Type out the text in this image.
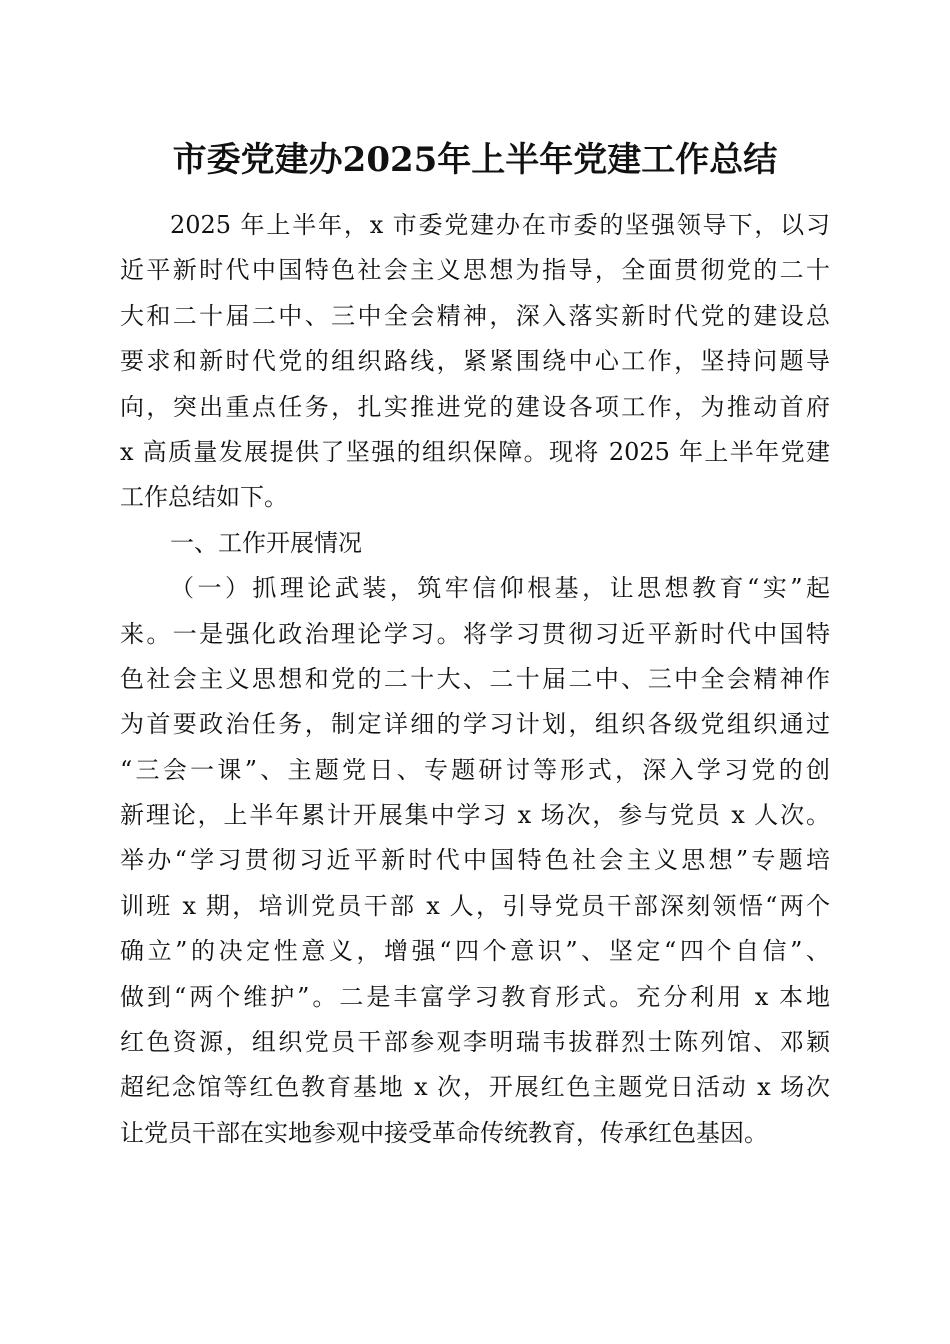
市委党建办2025年上半年党建工作总结
2025 年上半年，x 市委党建办在市委的坚强领导下，以习
近平新时代中国特色社会主义思想为指导，全面贯彻党的二十
大和二十届二中、三中全会精神，深入落实新时代党的建设总
要求和新时代党的组织路线，紧紧围绕中心工作，坚持问题导
向，突出重点任务，扎实推进党的建设各项工作，为推动首府
x 高质量发展提供了坚强的组织保障。现将 2025 年上半年党建
工作总结如下。
一、工作开展情况
（一）抓理论武装，筑牢信仰根基，让思想教育“实”起
来。一是强化政治理论学习。将学习贯彻习近平新时代中国特
色社会主义思想和党的二十大、二十届二中、三中全会精神作
为首要政治任务，制定详细的学习计划，组织各级党组织通过
“三会一课”、主题党日、专题研讨等形式，深入学习党的创
新理论，上半年累计开展集中学习 x 场次，参与党员 x 人次。
举办“学习贯彻习近平新时代中国特色社会主义思想”专题培
训班 x 期，培训党员干部 x 人，引导党员干部深刻领悟“两个
确立”的决定性意义，增强“四个意识”、坚定“四个自信”、
做到“两个维护”。二是丰富学习教育形式。充分利用 x 本地
红色资源，组织党员干部参观李明瑞韦拔群烈士陈列馆、邓颖
超纪念馆等红色教育基地 x 次，开展红色主题党日活动 x 场次
让党员干部在实地参观中接受革命传统教育，传承红色基因。
